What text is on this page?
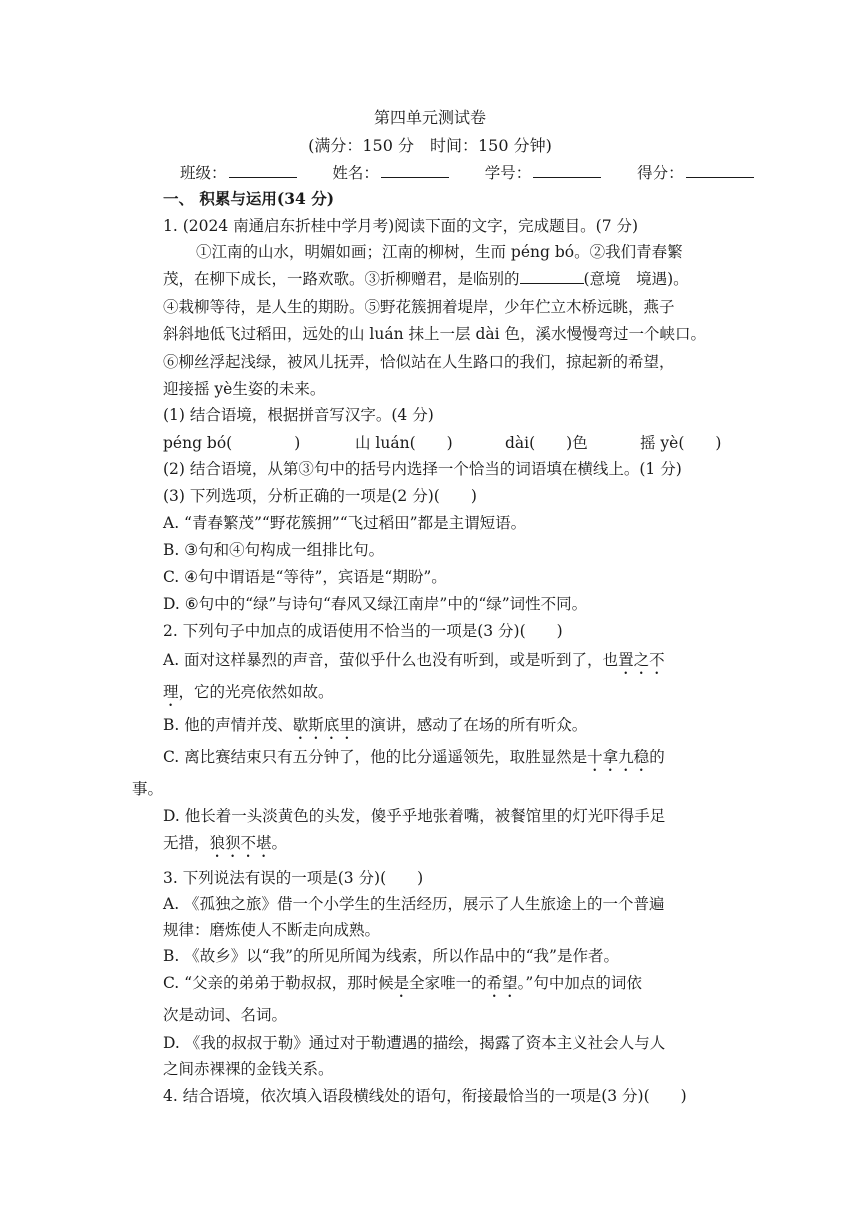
第四单元测试卷
(满分：150 分　时间：150 分钟)
班级：	姓名：	学号：	得分：
一、 积累与运用(34 分)
1. (2024 南通启东折桂中学月考)阅读下面的文字，完成题目。(7 分)
①江南的山水，明媚如画；江南的柳树，生而 péng bó。②我们青春繁
茂，在柳下成长，一路欢歌。③折柳赠君，是临别的	(意境　境遇)。
④栽柳等待，是人生的期盼。⑤野花簇拥着堤岸，少年伫立木桥远眺，燕子
斜斜地低飞过稻田，远处的山 luán 抹上一层 dài 色，溪水慢慢弯过一个峡口。
⑥柳丝浮起浅绿，被风儿抚弄，恰似站在人生路口的我们，掠起新的希望，
迎接摇 yè生姿的未来。
(1) 结合语境，根据拼音写汉字。(4 分)
péng bó(　　　　)	山 luán(　　)	dài(　　)色	摇 yè(　　)
(2) 结合语境，从第③句中的括号内选择一个恰当的词语填在横线上。(1 分)
(3) 下列选项，分析正确的一项是(2 分)(　　)
A. “青春繁茂”“野花簇拥”“飞过稻田”都是主谓短语。
B. ③句和④句构成一组排比句。
C. ④句中谓语是“等待”，宾语是“期盼”。
D. ⑥句中的“绿”与诗句“春风又绿江南岸”中的“绿”词性不同。
2. 下列句子中加点的成语使用不恰当的一项是(3 分)(　　)
A. 面对这样暴烈的声音，萤似乎什么也没有听到，或是听到了，也置之不
理，它的光亮依然如故。
B. 他的声情并茂、歇斯底里的演讲，感动了在场的所有听众。
C. 离比赛结束只有五分钟了，他的比分遥遥领先，取胜显然是十拿九稳的
事。
D. 他长着一头淡黄色的头发，傻乎乎地张着嘴，被餐馆里的灯光吓得手足
无措，狼狈不堪。
3. 下列说法有误的一项是(3 分)(　　)
A. 《孤独之旅》借一个小学生的生活经历，展示了人生旅途上的一个普遍
规律：磨炼使人不断走向成熟。
B. 《故乡》以“我”的所见所闻为线索，所以作品中的“我”是作者。
C. “父亲的弟弟于勒叔叔，那时候是全家唯一的希望。”句中加点的词依
次是动词、名词。
D. 《我的叔叔于勒》通过对于勒遭遇的描绘，揭露了资本主义社会人与人
之间赤裸裸的金钱关系。
4. 结合语境，依次填入语段横线处的语句，衔接最恰当的一项是(3 分)(　　)
